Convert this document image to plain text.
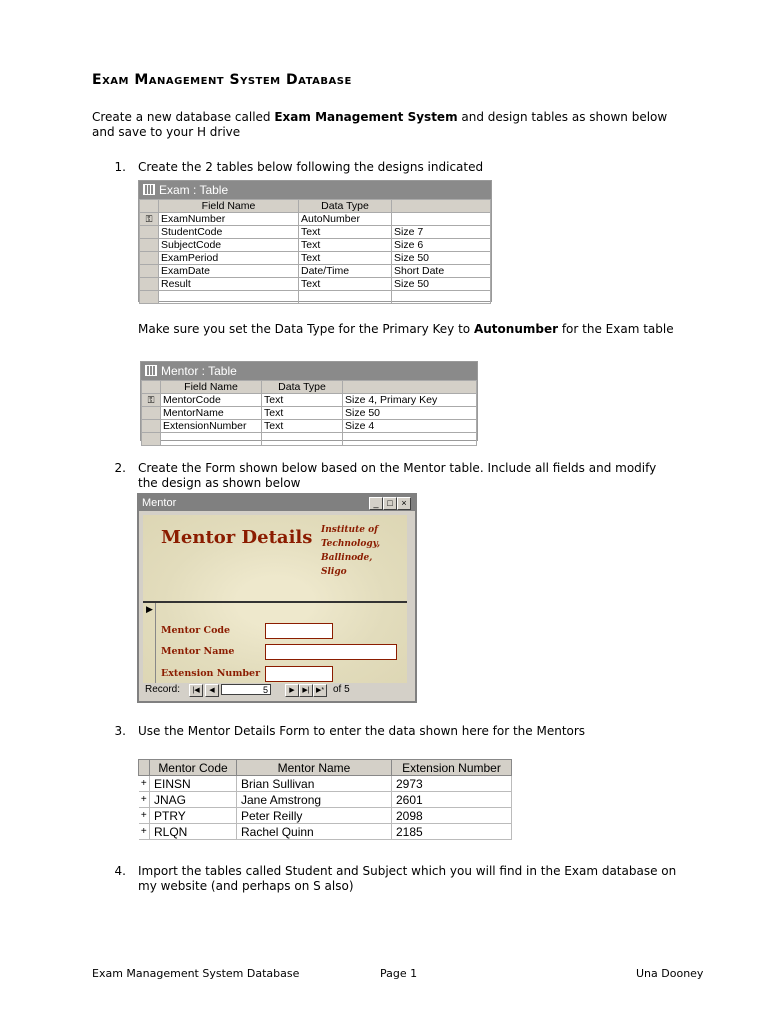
Exam Management System Database
Create a new database called Exam Management System and design tables as shown below and save to your H drive
1. Create the 2 tables below following the designs indicated
Exam : Table
	Field Name	Data Type	
⚿	ExamNumber	AutoNumber	
	StudentCode	Text	Size 7
	SubjectCode	Text	Size 6
	ExamPeriod	Text	Size 50
	ExamDate	Date/Time	Short Date
	Result	Text	Size 50

Make sure you set the Data Type for the Primary Key to Autonumber for the Exam table
Mentor : Table
	Field Name	Data Type	
⚿	MentorCode	Text	Size 4, Primary Key
	MentorName	Text	Size 50
	ExtensionNumber	Text	Size 4

2. Create the Form shown below based on the Mentor table. Include all fields and modify the design as shown below
Mentor	_ □ ×
Mentor Details Institute of Technology, Ballinode, Sligo
▶
Mentor Code
Mentor Name
Extension Number
Record:	|◀	◀	5	▶	▶| ▶* of 5
3. Use the Mentor Details Form to enter the data shown here for the Mentors
	Mentor Code	Mentor Name	Extension Number
+	EINSN	Brian Sullivan	2973
+	JNAG	Jane Amstrong	2601
+	PTRY	Peter Reilly	2098
+	RLQN	Rachel Quinn	2185
4. Import the tables called Student and Subject which you will find in the Exam database on my website (and perhaps on S also)
Exam Management System Database	Page 1	Una Dooney
